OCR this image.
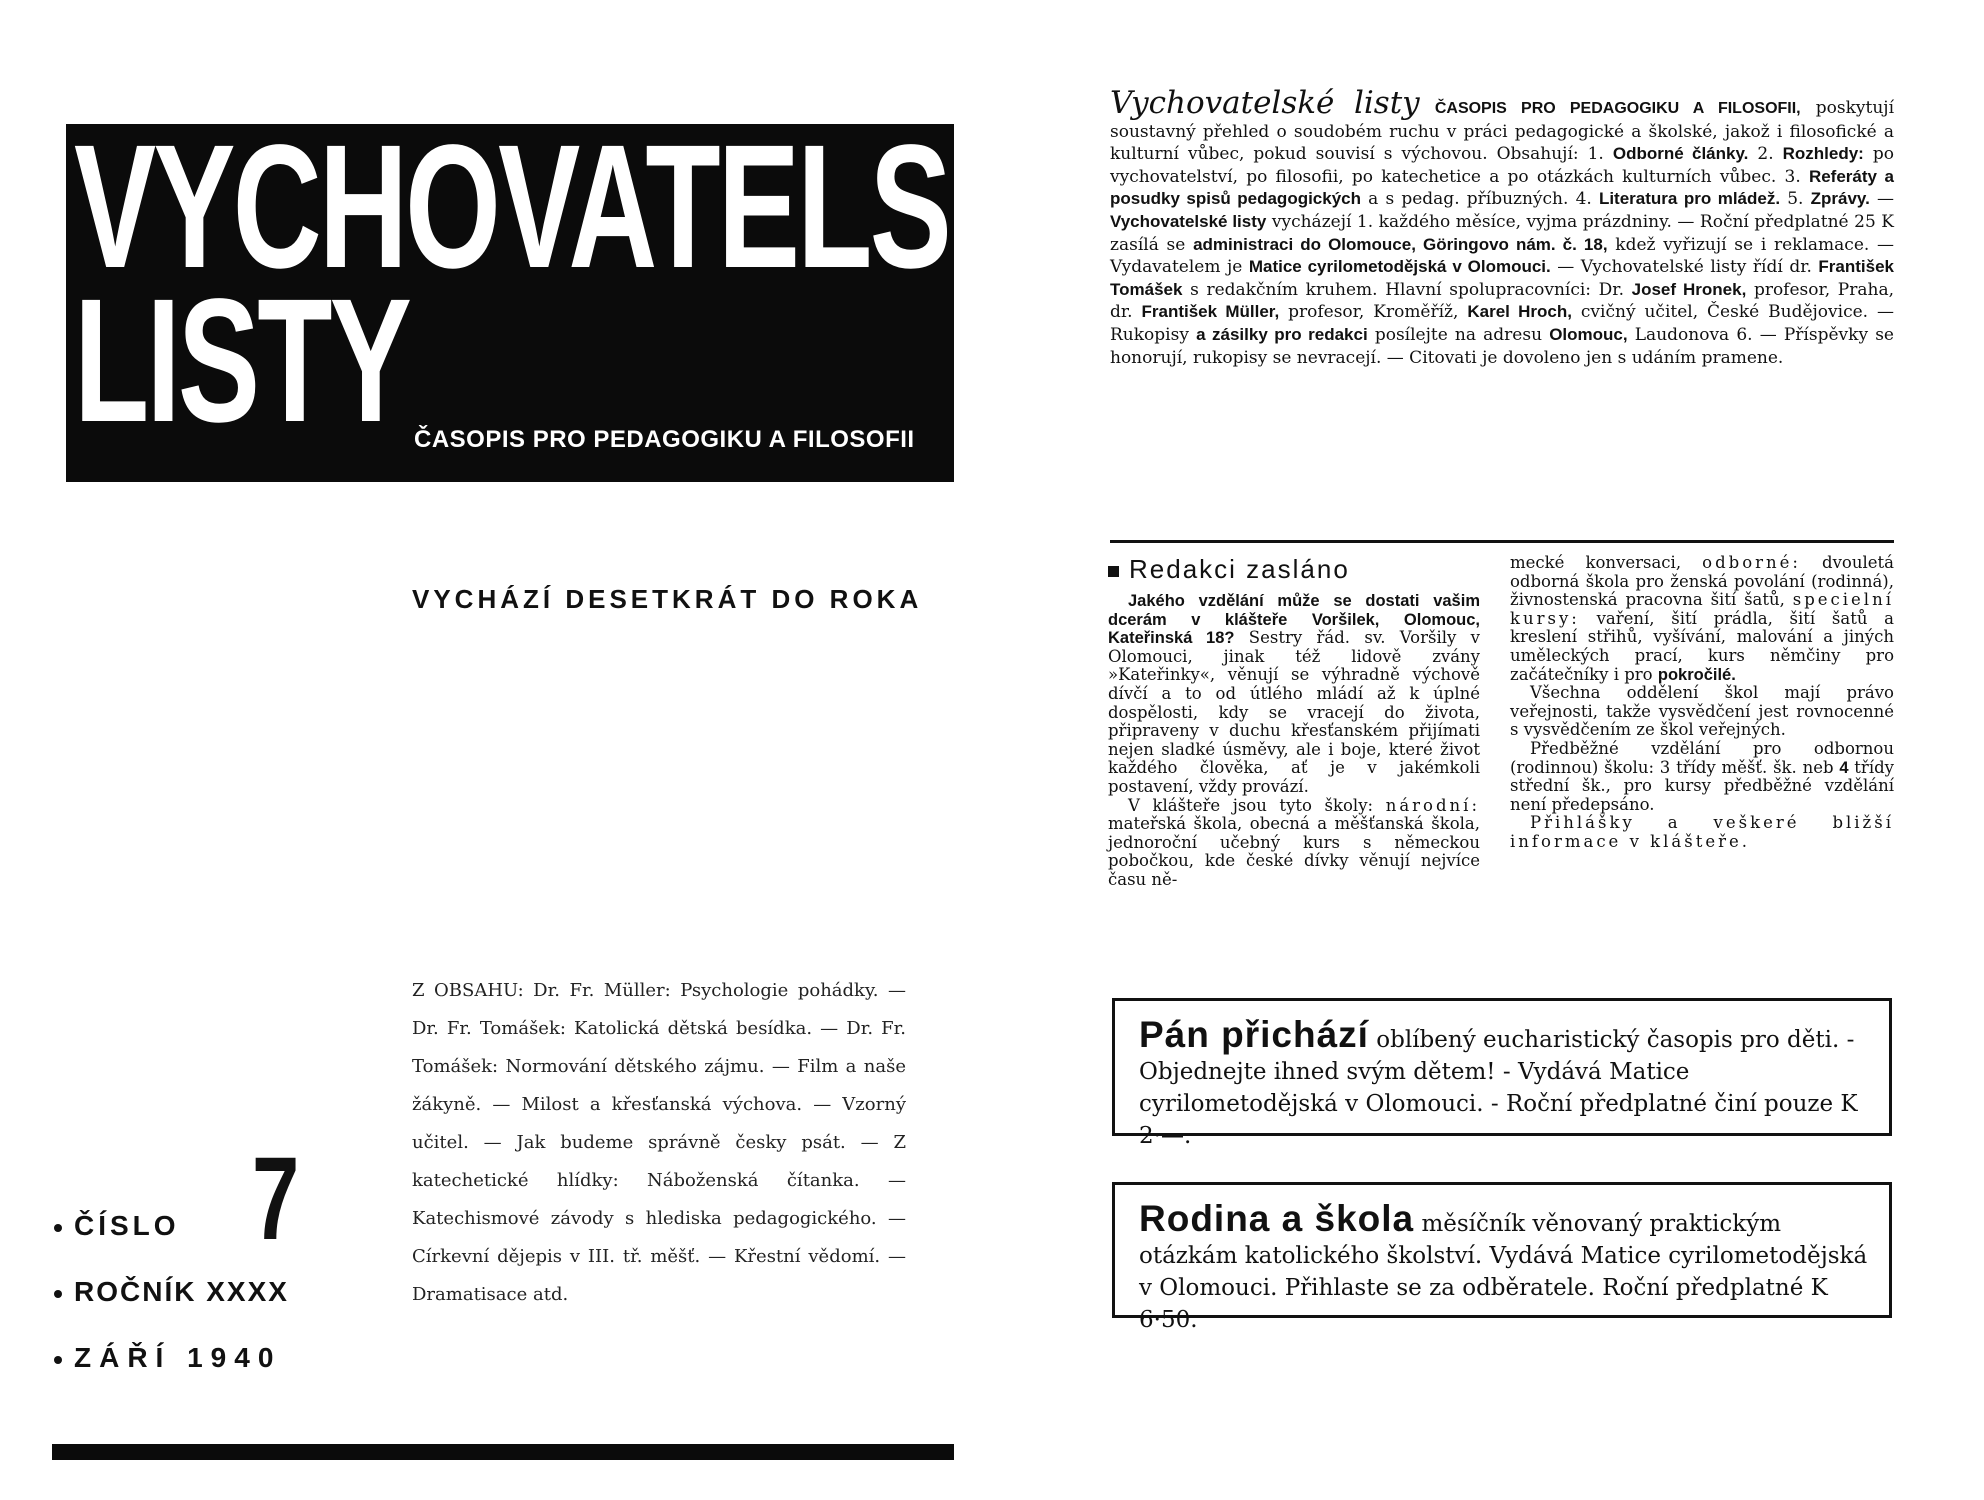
VYCHOVATELSKÉ
LISTY ČASOPIS PRO PEDAGOGIKU A FILOSOFII
VYCHÁZÍ DESETKRÁT DO ROKA
Z OBSAHU: Dr. Fr. Müller: Psychologie pohádky. — Dr. Fr. Tomášek: Katolická dětská besídka. — Dr. Fr. Tomášek: Normování dětského zájmu. — Film a naše žákyně. — Milost a křesťanská výchova. — Vzorný učitel. — Jak budeme správně česky psát. — Z katechetické hlídky: Náboženská čítanka. — Katechismové závody s hlediska pedagogického. — Církevní dějepis v III. tř. měšť. — Křestní vědomí. — Dramatisace atd.
7
ČÍSLO
ROČNÍK XXXX
ZÁŘÍ 1940
Vychovatelské listy ČASOPIS PRO PEDAGOGIKU A FILOSOFII, poskytují soustavný přehled o soudobém ruchu v práci pedagogické a školské, jakož i filosofické a kulturní vůbec, pokud souvisí s výchovou. Obsahují: 1. Odborné články. 2. Rozhledy: po vychovatelství, po filosofii, po katechetice a po otázkách kulturních vůbec. 3. Referáty a posudky spisů pedagogických a s pedag. příbuzných. 4. Literatura pro mládež. 5. Zprávy. — Vychovatelské listy vycházejí 1. každého měsíce, vyjma prázdniny. — Roční předplatné 25 K zasílá se administraci do Olomouce, Göringovo nám. č. 18, kdež vyřizují se i reklamace. — Vydavatelem je Matice cyrilometodějská v Olomouci. — Vychovatelské listy řídí dr. František Tomášek s redakčním kruhem. Hlavní spolupracovníci: Dr. Josef Hronek, profesor, Praha, dr. František Müller, profesor, Kroměříž, Karel Hroch, cvičný učitel, České Budějovice. — Rukopisy a zásilky pro redakci posílejte na adresu Olomouc, Laudonova 6. — Příspěvky se honorují, rukopisy se nevracejí. — Citovati je dovoleno jen s udáním pramene.
Redakci zasláno

Jakého vzdělání může se dostati vašim dcerám v klášteře Voršilek, Olomouc, Kateřinská 18? Sestry řád. sv. Voršily v Olomouci, jinak též lidově zvány »Kateřinky«, věnují se výhradně výchově dívčí a to od útlého mládí až k úplné dospělosti, kdy se vracejí do života, připraveny v duchu křesťanském přijímati nejen sladké úsměvy, ale i boje, které život každého člověka, ať je v jakémkoli postavení, vždy provází.

V klášteře jsou tyto školy: národní: mateřská škola, obecná a měšťanská škola, jednoroční učebný kurs s německou pobočkou, kde české dívky věnují nejvíce času ně-

mecké konversaci, odborné: dvouletá odborná škola pro ženská povolání (rodinná), živnostenská pracovna šití šatů, specielní kursy: vaření, šití prádla, šití šatů a kreslení střihů, vyšívání, malování a jiných uměleckých prací, kurs němčiny pro začátečníky i pro pokročilé.

Všechna oddělení škol mají právo veřejnosti, takže vysvědčení jest rovnocenné s vysvědčením ze škol veřejných.

Předběžné vzdělání pro odbornou (rodinnou) školu: 3 třídy měšť. šk. neb 4 třídy střední šk., pro kursy předběžné vzdělání není předepsáno.

Přihlášky a veškeré bližší informace v klášteře.

Pán přichází oblíbený eucharistický časopis pro děti. - Objednejte ihned svým dětem! - Vydává Matice cyrilometodějská v Olomouci. - Roční předplatné činí pouze K 2·—.
Rodina a škola měsíčník věnovaný praktickým otázkám katolického školství. Vydává Matice cyrilometodějská v Olomouci. Přihlaste se za odběratele. Roční předplatné K 6·50.
